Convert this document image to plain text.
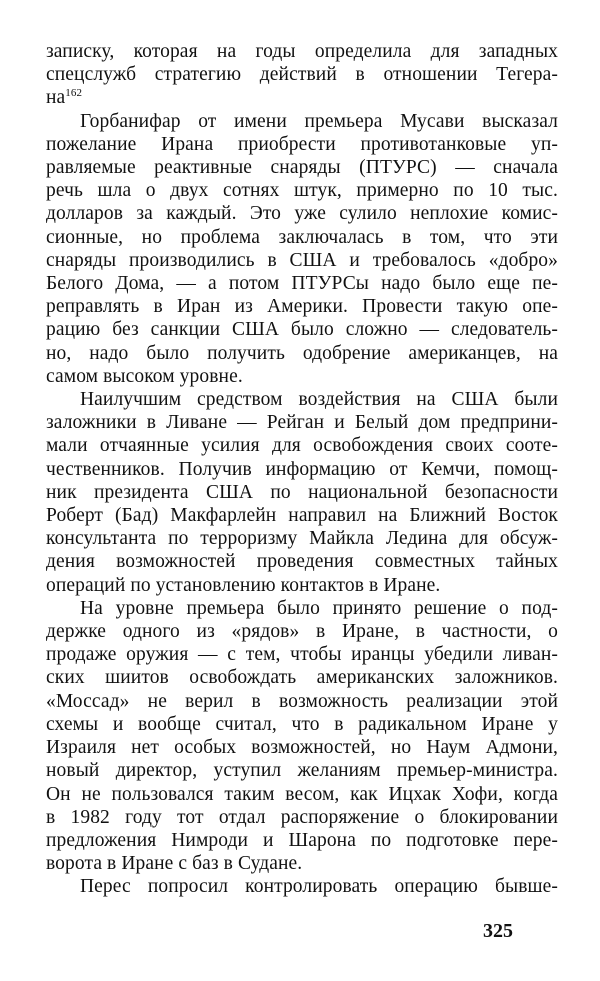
записку, которая на годы определила для западных
спецслужб стратегию действий в отношении Тегера-
$на^{162}$
Горбанифар от имени премьера Мусави высказал
пожелание Ирана приобрести противотанковые уп-
равляемые реактивные снаряды (ПТУРС) — сначала
речь шла о двух сотнях штук, примерно по 10 тыс.
долларов за каждый. Это уже сулило неплохие комис-
сионные, но проблема заключалась в том, что эти
снаряды производились в США и требовалось «добро»
Белого Дома, — а потом ПТУРСы надо было еще пе-
реправлять в Иран из Америки. Провести такую опе-
рацию без санкции США было сложно — следователь-
но, надо было получить одобрение американцев, на
самом высоком уровне.
Наилучшим средством воздействия на США были
заложники в Ливане — Рейган и Белый дом предприни-
мали отчаянные усилия для освобождения своих соотe-
чественников. Получив информацию от Кемчи, помощ-
ник президента США по национальной безопасности
Роберт (Бад) Макфарлейн направил на Ближний Восток
консультанта по терроризму Майкла Ледина для обсуж-
дения возможностей проведения совместных тайных
операций по установлению контактов в Иране.
На уровне премьера было принято решение о под-
держке одного из «рядов» в Иране, в частности, о
продаже оружия — с тем, чтобы иранцы убедили ливан-
ских шиитов освобождать американских заложников.
«Моссад» не верил в возможность реализации этой
схемы и вообще считал, что в радикальном Иране у
Израиля нет особых возможностей, но Наум Адмони,
новый директор, уступил желаниям премьер-министра.
Он не пользовался таким весом, как Ицхак Хофи, когда
в 1982 году тот отдал распоряжение о блокировании
предложения Нимроди и Шарона по подготовке пере-
ворота в Иране с баз в Судане.
Перес попросил контролировать операцию бывше-
325
